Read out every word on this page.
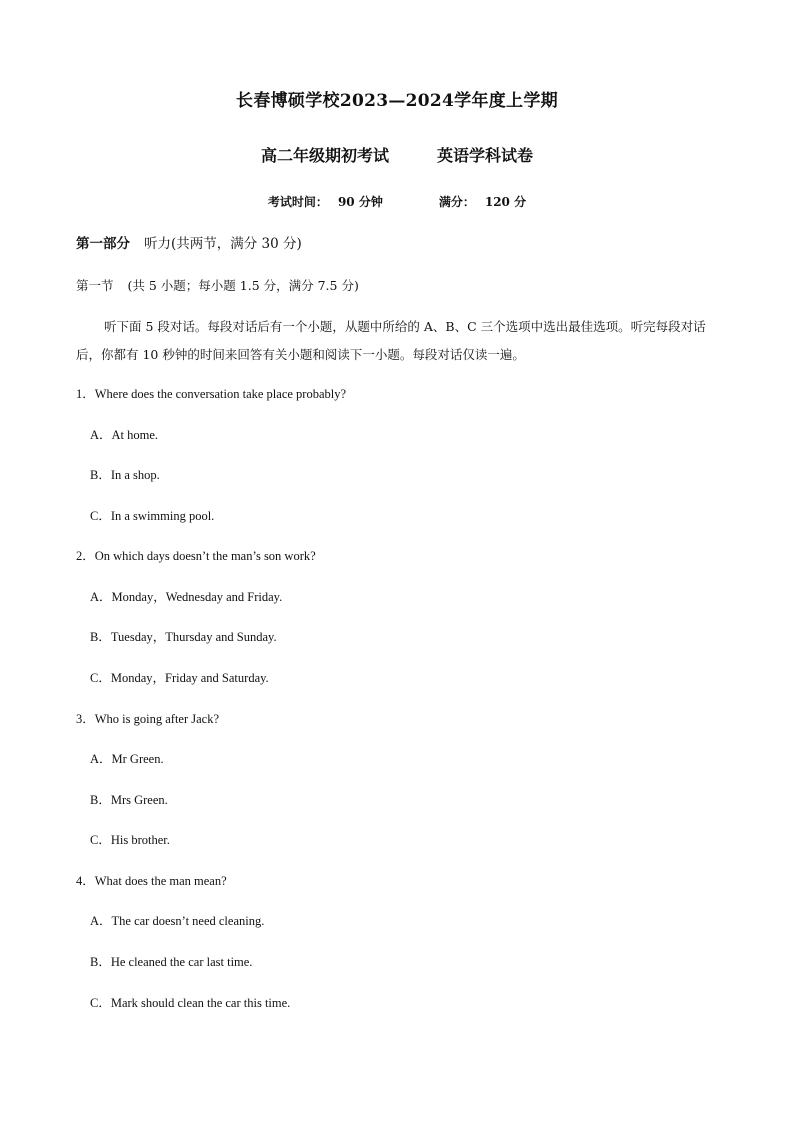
长春博硕学校2023—2024学年度上学期
高二年级期初考试	英语学科试卷
考试时间： 90 分钟	满分： 120 分
第一部分 听力(共两节，满分 30 分)
第一节 (共 5 小题；每小题 1.5 分，满分 7.5 分)
听下面 5 段对话。每段对话后有一个小题，从题中所给的 A、B、C 三个选项中选出最佳选项。听完每段对话后，你都有 10 秒钟的时间来回答有关小题和阅读下一小题。每段对话仅读一遍。
1．Where does the conversation take place probably?
A．At home.
B．In a shop.
C．In a swimming pool.
2．On which days doesn’t the man’s son work?
A．Monday，Wednesday and Friday.
B．Tuesday，Thursday and Sunday.
C．Monday，Friday and Saturday.
3．Who is going after Jack?
A．Mr Green.
B．Mrs Green.
C．His brother.
4．What does the man mean?
A．The car doesn’t need cleaning.
B．He cleaned the car last time.
C．Mark should clean the car this time.
